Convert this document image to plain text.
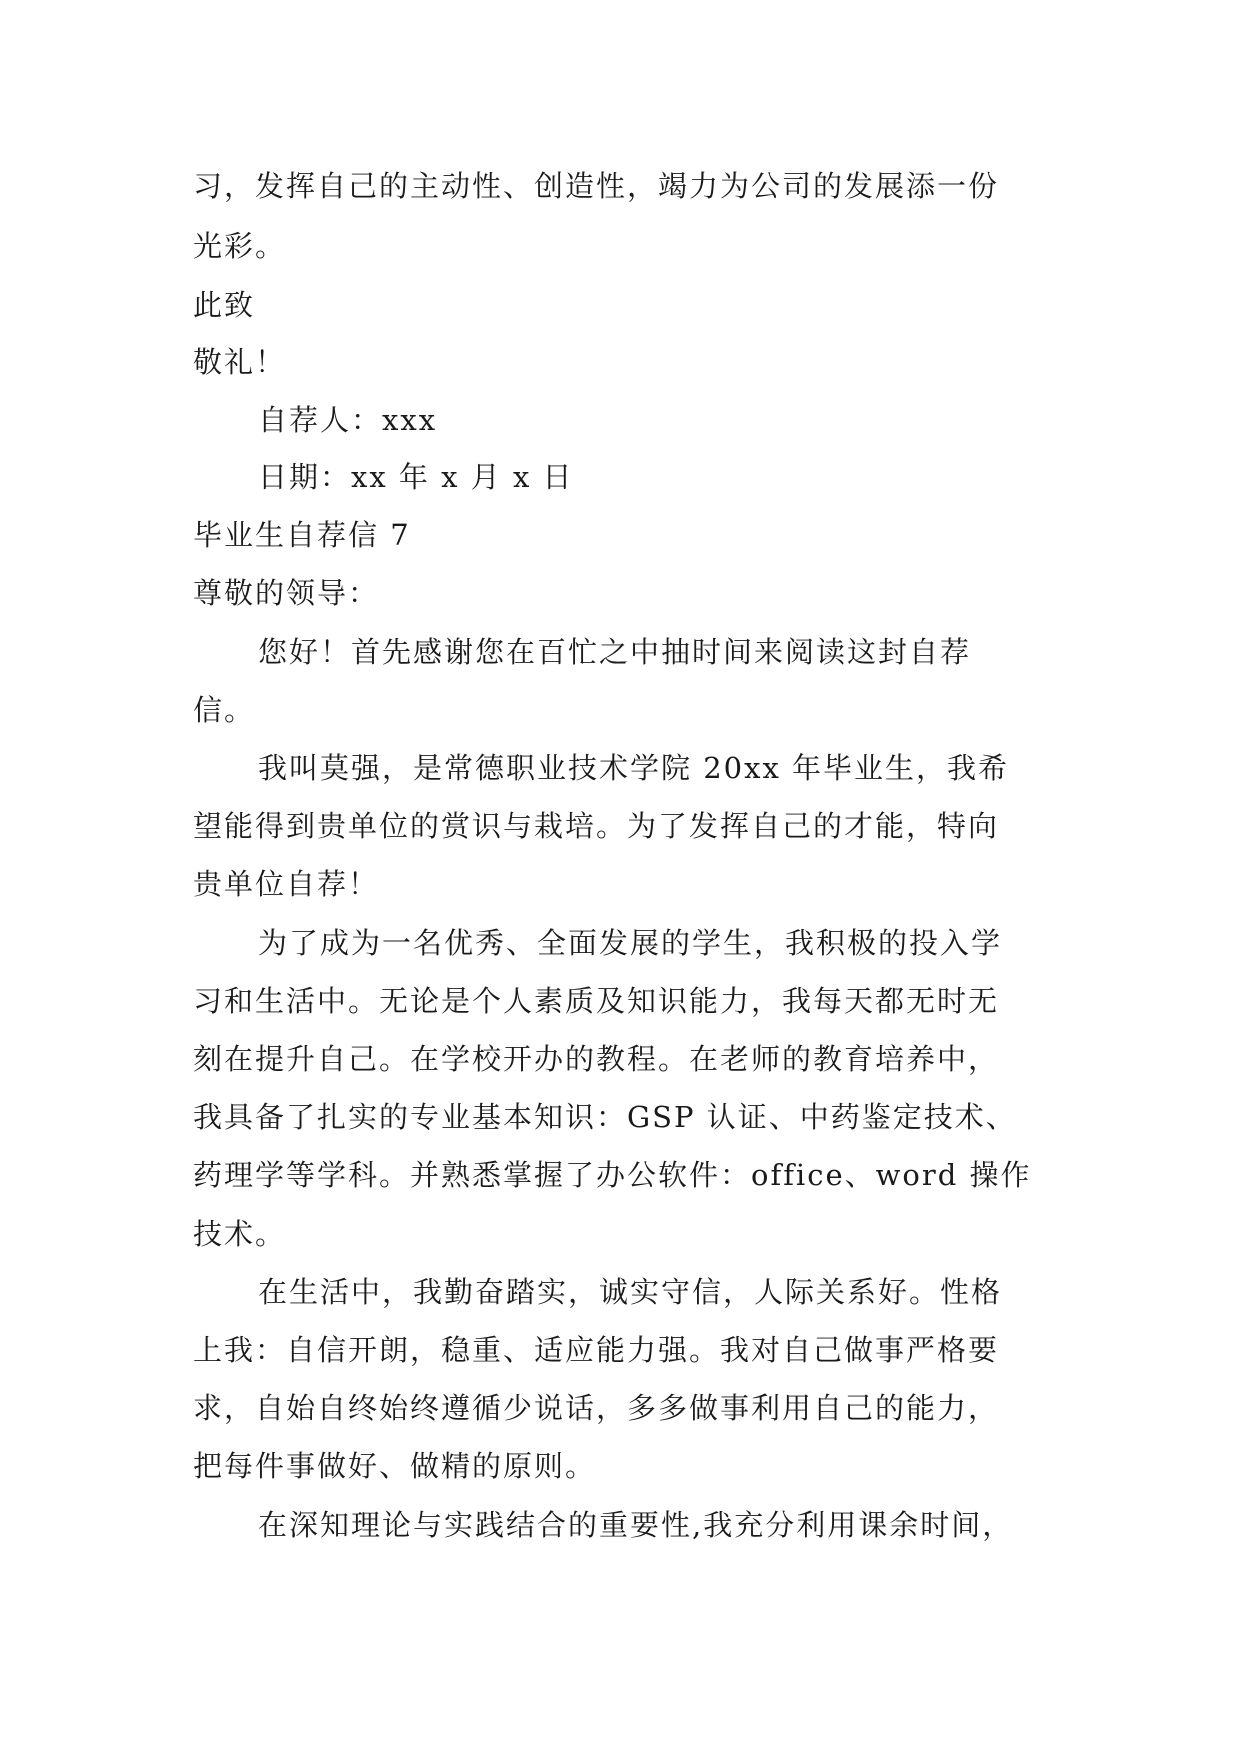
习，发挥自己的主动性、创造性，竭力为公司的发展添一份
光彩。
此致
敬礼！
自荐人：xxx
日期：xx 年 x 月 x 日
毕业生自荐信 7
尊敬的领导：
您好！首先感谢您在百忙之中抽时间来阅读这封自荐
信。
我叫莫强，是常德职业技术学院 20xx 年毕业生，我希
望能得到贵单位的赏识与栽培。为了发挥自己的才能，特向
贵单位自荐！
为了成为一名优秀、全面发展的学生，我积极的投入学
习和生活中。无论是个人素质及知识能力，我每天都无时无
刻在提升自己。在学校开办的教程。在老师的教育培养中，
我具备了扎实的专业基本知识：GSP 认证、中药鉴定技术、
药理学等学科。并熟悉掌握了办公软件：office、word 操作
技术。
在生活中，我勤奋踏实，诚实守信，人际关系好。性格
上我：自信开朗，稳重、适应能力强。我对自己做事严格要
求，自始自终始终遵循少说话，多多做事利用自己的能力，
把每件事做好、做精的原则。
在深知理论与实践结合的重要性,我充分利用课余时间，
